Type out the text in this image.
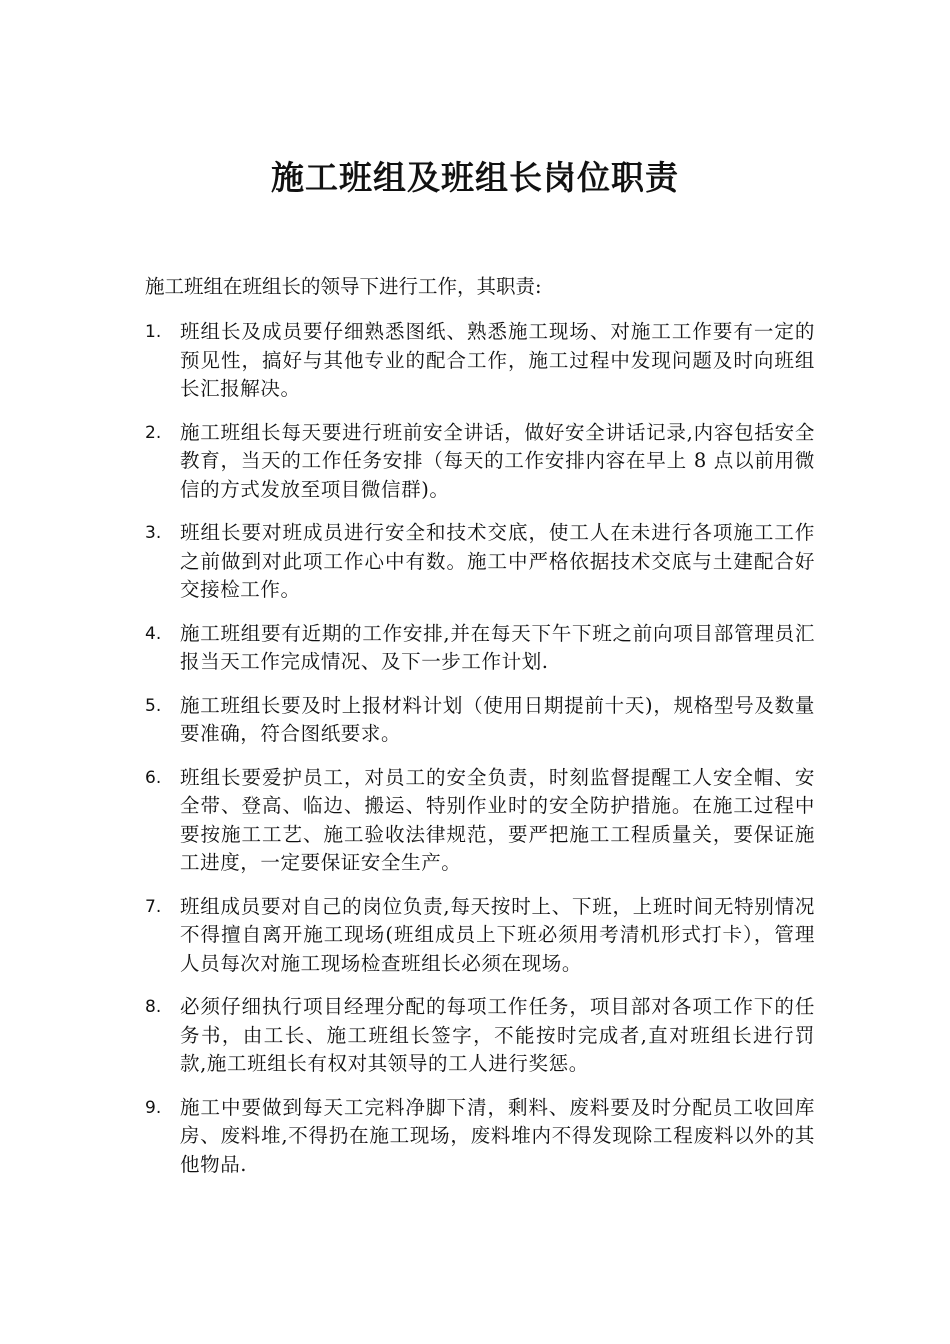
施工班组及班组长岗位职责
施工班组在班组长的领导下进行工作，其职责:
1. 班组长及成员要仔细熟悉图纸、熟悉施工现场、对施工工作要有一定的预见性，搞好与其他专业的配合工作，施工过程中发现问题及时向班组长汇报解决。
2. 施工班组长每天要进行班前安全讲话，做好安全讲话记录,内容包括安全教育，当天的工作任务安排（每天的工作安排内容在早上 8 点以前用微信的方式发放至项目微信群)。
3. 班组长要对班成员进行安全和技术交底，使工人在未进行各项施工工作之前做到对此项工作心中有数。施工中严格依据技术交底与土建配合好交接检工作。
4. 施工班组要有近期的工作安排,并在每天下午下班之前向项目部管理员汇报当天工作完成情况、及下一步工作计划.
5. 施工班组长要及时上报材料计划（使用日期提前十天)，规格型号及数量要准确，符合图纸要求。
6. 班组长要爱护员工，对员工的安全负责，时刻监督提醒工人安全帽、安全带、登高、临边、搬运、特别作业时的安全防护措施。在施工过程中要按施工工艺、施工验收法律规范，要严把施工工程质量关，要保证施工进度，一定要保证安全生产。
7. 班组成员要对自己的岗位负责,每天按时上、下班，上班时间无特别情况不得擅自离开施工现场(班组成员上下班必须用考清机形式打卡），管理人员每次对施工现场检查班组长必须在现场。
8. 必须仔细执行项目经理分配的每项工作任务，项目部对各项工作下的任务书，由工长、施工班组长签字，不能按时完成者,直对班组长进行罚款,施工班组长有权对其领导的工人进行奖惩。
9. 施工中要做到每天工完料净脚下清，剩料、废料要及时分配员工收回库房、废料堆,不得扔在施工现场，废料堆内不得发现除工程废料以外的其他物品.
